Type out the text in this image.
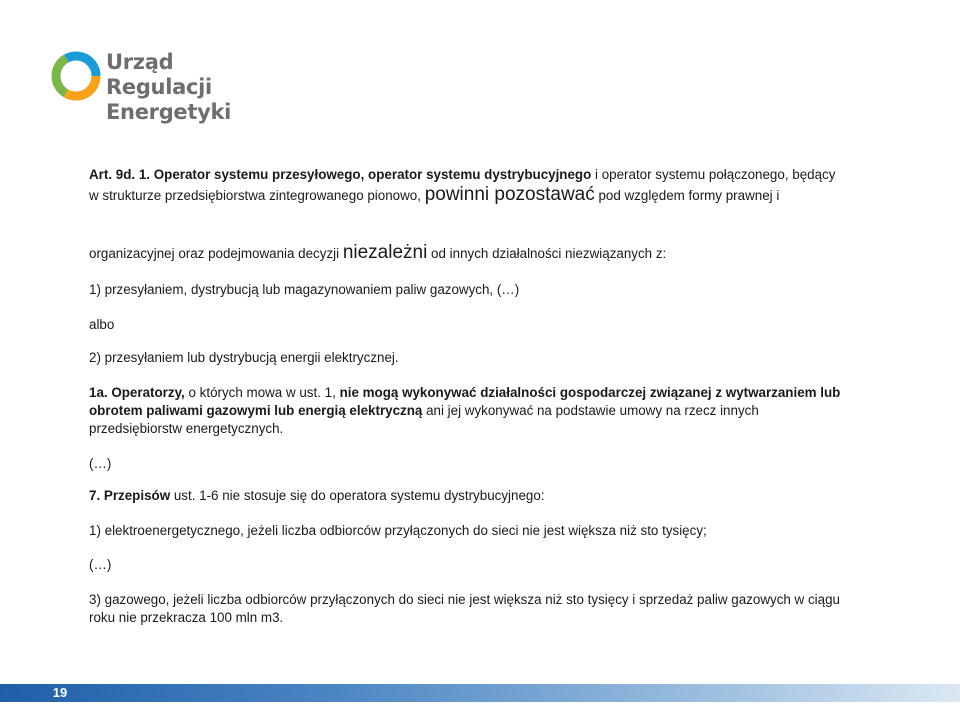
Urząd Regulacji
Energetyki

Art. 9d. 1. Operator systemu przesyłowego, operator systemu dystrybucyjnego i operator systemu połączonego, będący

w strukturze przedsiębiorstwa zintegrowanego pionowo, powinni pozostawać pod względem formy prawnej i

organizacyjnej oraz podejmowania decyzji niezależni od innych działalności niezwiązanych z:

1) przesyłaniem, dystrybucją lub magazynowaniem paliw gazowych, (…)

albo

2) przesyłaniem lub dystrybucją energii elektrycznej.

1a. Operatorzy, o których mowa w ust. 1, nie mogą wykonywać działalności gospodarczej związanej z wytwarzaniem lub

obrotem paliwami gazowymi lub energią elektryczną ani jej wykonywać na podstawie umowy na rzecz innych

przedsiębiorstw energetycznych.

(…)

7. Przepisów ust. 1-6 nie stosuje się do operatora systemu dystrybucyjnego:

1) elektroenergetycznego, jeżeli liczba odbiorców przyłączonych do sieci nie jest większa niż sto tysięcy;

(…)

3) gazowego, jeżeli liczba odbiorców przyłączonych do sieci nie jest większa niż sto tysięcy i sprzedaż paliw gazowych w ciągu

roku nie przekracza 100 mln m3.

19
